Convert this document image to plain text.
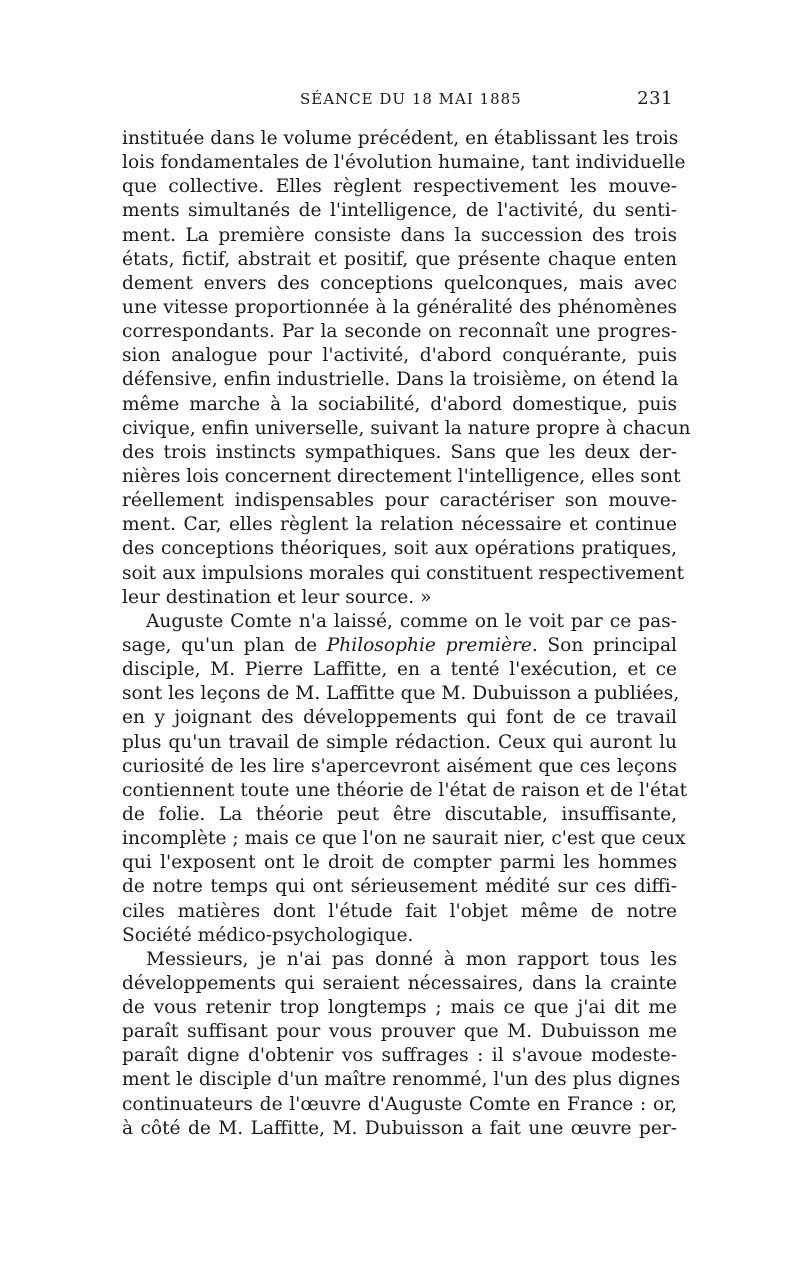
SÉANCE DU 18 MAI 1885	231
instituée dans le volume précédent, en établissant les trois
lois fondamentales de l'évolution humaine, tant individuelle
que collective. Elles règlent respectivement les mouve-
ments simultanés de l'intelligence, de l'activité, du senti-
ment. La première consiste dans la succession des trois
états, fictif, abstrait et positif, que présente chaque enten
dement envers des conceptions quelconques, mais avec
une vitesse proportionnée à la généralité des phénomènes
correspondants. Par la seconde on reconnaît une progres-
sion analogue pour l'activité, d'abord conquérante, puis
défensive, enfin industrielle. Dans la troisième, on étend la
même marche à la sociabilité, d'abord domestique, puis
civique, enfin universelle, suivant la nature propre à chacun
des trois instincts sympathiques. Sans que les deux der-
nières lois concernent directement l'intelligence, elles sont
réellement indispensables pour caractériser son mouve-
ment. Car, elles règlent la relation nécessaire et continue
des conceptions théoriques, soit aux opérations pratiques,
soit aux impulsions morales qui constituent respectivement
leur destination et leur source. »
Auguste Comte n'a laissé, comme on le voit par ce pas-
sage, qu'un plan de Philosophie première. Son principal
disciple, M. Pierre Laffitte, en a tenté l'exécution, et ce
sont les leçons de M. Laffitte que M. Dubuisson a publiées,
en y joignant des développements qui font de ce travail
plus qu'un travail de simple rédaction. Ceux qui auront lu
curiosité de les lire s'apercevront aisément que ces leçons
contiennent toute une théorie de l'état de raison et de l'état
de folie. La théorie peut être discutable, insuffisante,
incomplète ; mais ce que l'on ne saurait nier, c'est que ceux
qui l'exposent ont le droit de compter parmi les hommes
de notre temps qui ont sérieusement médité sur ces diffi-
ciles matières dont l'étude fait l'objet même de notre
Société médico-psychologique.
Messieurs, je n'ai pas donné à mon rapport tous les
développements qui seraient nécessaires, dans la crainte
de vous retenir trop longtemps ; mais ce que j'ai dit me
paraît suffisant pour vous prouver que M. Dubuisson me
paraît digne d'obtenir vos suffrages : il s'avoue modeste-
ment le disciple d'un maître renommé, l'un des plus dignes
continuateurs de l'œuvre d'Auguste Comte en France : or,
à côté de M. Laffitte, M. Dubuisson a fait une œuvre per-
